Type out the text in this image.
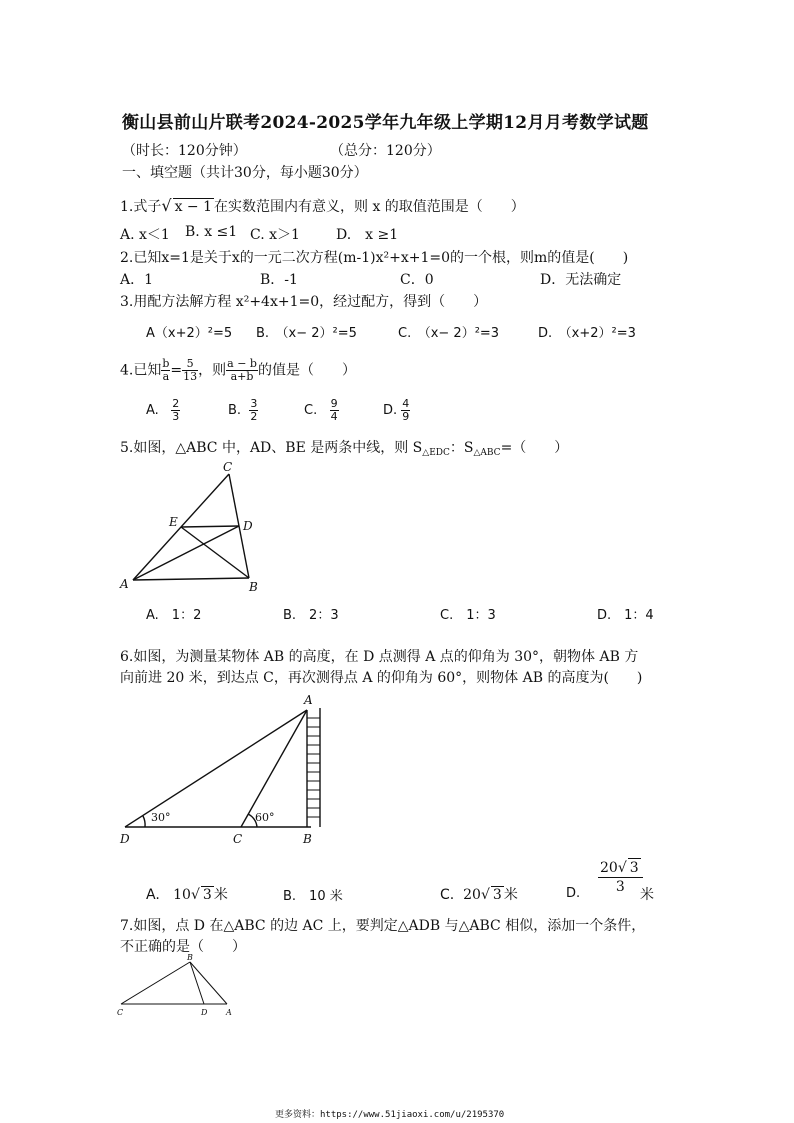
衡山县前山片联考2024-2025学年九年级上学期12月月考数学试题
（时长：120分钟）	（总分：120分）
一、填空题（共计30分，每小题30分）
1.式子√ x − 1 在实数范围内有意义，则 x 的取值范围是（　　）
A. x＜1 B. x ≤1 C. x＞1	D.　x ≥1
2.已知x=1是关于x的一元二次方程(m-1)x²+x+1=0的一个根，则m的值是(　　)
A．1	B．-1	C．0	D．无法确定
3.用配方法解方程 x²+4x+1=0，经过配方，得到（　　）
A（x+2）²=5 B.　（x− 2）²=5	C.　（x− 2）²=3	D.　（x+2）²=3
4.已知 $\frac{b}{a} = \frac{5}{13}$ ，则 $\frac{a - b}{a+b}$ 的值是（　　）
A. $\frac{2}{3}$	B. $\frac{3}{2}$	C. $\frac{9}{4}$	D. $\frac{4}{9}$
5.如图，△ABC 中，AD、BE 是两条中线，则 $S_{\triangle EDC}$：$S_{\triangle ABC}=$（　　）
C
E	D
A	B
A.　1：2	B.　2：3	C.　1：3	D.　1：4
6.如图，为测量某物体 AB 的高度，在 D 点测得 A 点的仰角为 30°，朝物体 AB 方
向前进 20 米，到达点 C，再次测得点 A 的仰角为 60°，则物体 AB 的高度为(　　)
A
D	C	B
30°	60°
A. 10√ 3 米	B.　10 米	C. 20√ 3 米	D.
20√ 3
3	米
7.如图，点 D 在△ABC 的边 AC 上，要判定△ADB 与△ABC 相似，添加一个条件，
不正确的是（　　）
B
C	D A
更多资料：https://www.51jiaoxi.com/u/2195370
